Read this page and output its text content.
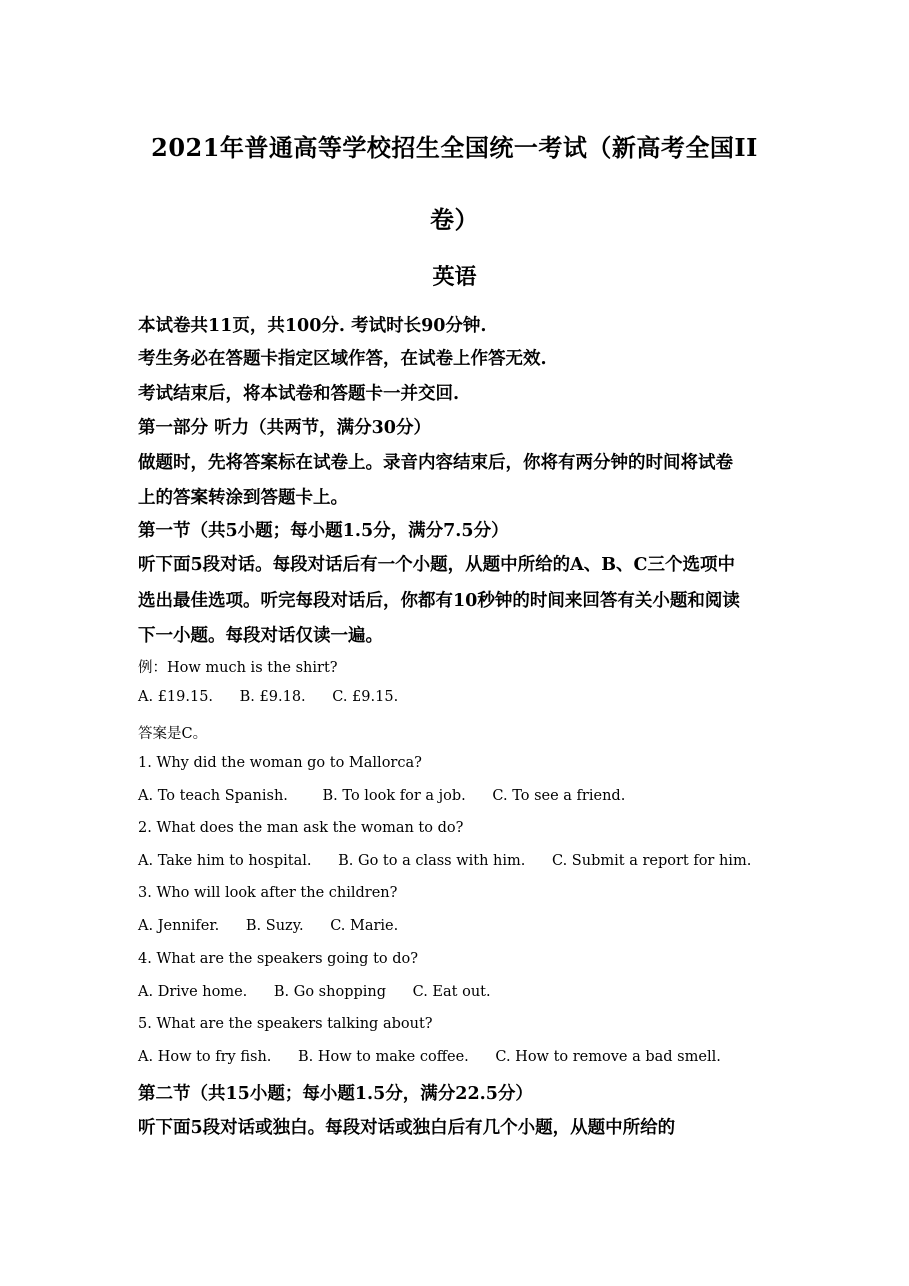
2021年普通高等学校招生全国统一考试（新高考全国II
卷）
英语
本试卷共11页，共100分. 考试时长90分钟.
考生务必在答题卡指定区域作答，在试卷上作答无效.
考试结束后，将本试卷和答题卡一并交回.
第一部分 听力（共两节，满分30分）
做题时，先将答案标在试卷上。录音内容结束后，你将有两分钟的时间将试卷
上的答案转涂到答题卡上。
第一节（共5小题；每小题1.5分，满分7.5分）
听下面5段对话。每段对话后有一个小题，从题中所给的A、B、C三个选项中
选出最佳选项。听完每段对话后，你都有10秒钟的时间来回答有关小题和阅读
下一小题。每段对话仅读一遍。
例：How much is the shirt?
A. £19.15. B. £9.18. C. £9.15.
答案是C。
1. Why did the woman go to Mallorca?
A. To teach Spanish. B. To look for a job. C. To see a friend.
2. What does the man ask the woman to do?
A. Take him to hospital. B. Go to a class with him. C. Submit a report for him.
3. Who will look after the children?
A. Jennifer. B. Suzy. C. Marie.
4. What are the speakers going to do?
A. Drive home. B. Go shopping C. Eat out.
5. What are the speakers talking about?
A. How to fry fish. B. How to make coffee. C. How to remove a bad smell.
第二节（共15小题；每小题1.5分，满分22.5分）
听下面5段对话或独白。每段对话或独白后有几个小题，从题中所给的
